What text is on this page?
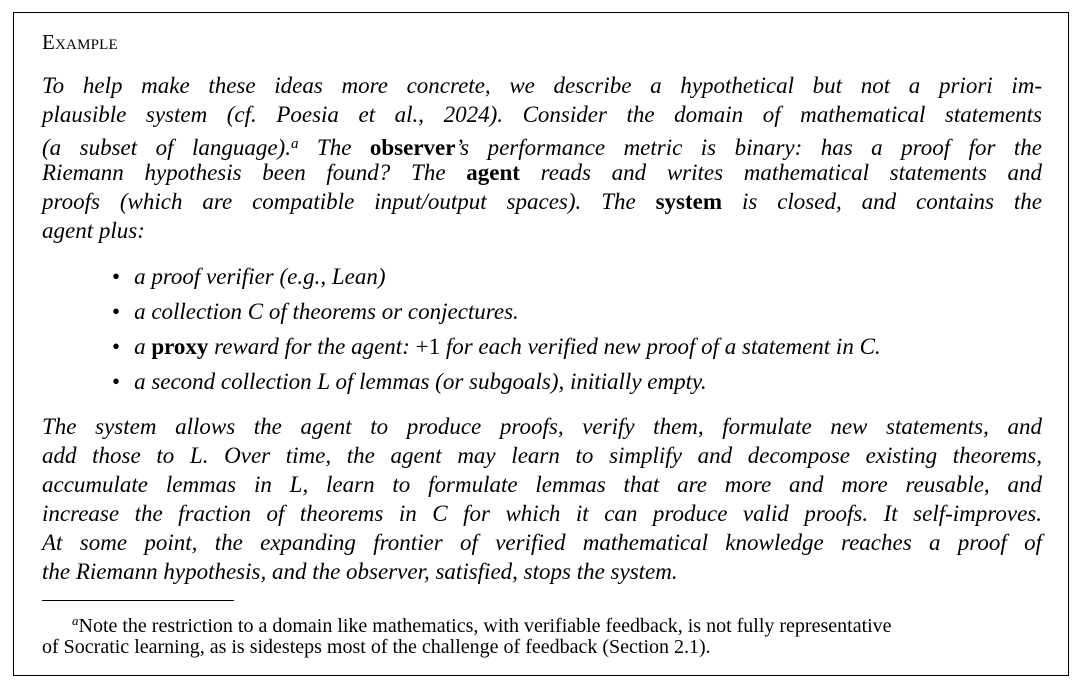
Example
To help make these ideas more concrete, we describe a hypothetical but not a priori im-
plausible system (cf. Poesia et al., 2024). Consider the domain of mathematical statements
(a subset of language).$^a$ The observer’s performance metric is binary: has a proof for the
Riemann hypothesis been found? The agent reads and writes mathematical statements and
proofs (which are compatible input/output spaces). The system is closed, and contains the
agent plus:
• a proof verifier (e.g., Lean)
• a collection C of theorems or conjectures.
• a proxy reward for the agent: +1 for each verified new proof of a statement in C.
• a second collection L of lemmas (or subgoals), initially empty.
The system allows the agent to produce proofs, verify them, formulate new statements, and
add those to L. Over time, the agent may learn to simplify and decompose existing theorems,
accumulate lemmas in L, learn to formulate lemmas that are more and more reusable, and
increase the fraction of theorems in C for which it can produce valid proofs. It self-improves.
At some point, the expanding frontier of verified mathematical knowledge reaches a proof of
the Riemann hypothesis, and the observer, satisfied, stops the system.
$^a$Note the restriction to a domain like mathematics, with verifiable feedback, is not fully representative
of Socratic learning, as is sidesteps most of the challenge of feedback (Section 2.1).
